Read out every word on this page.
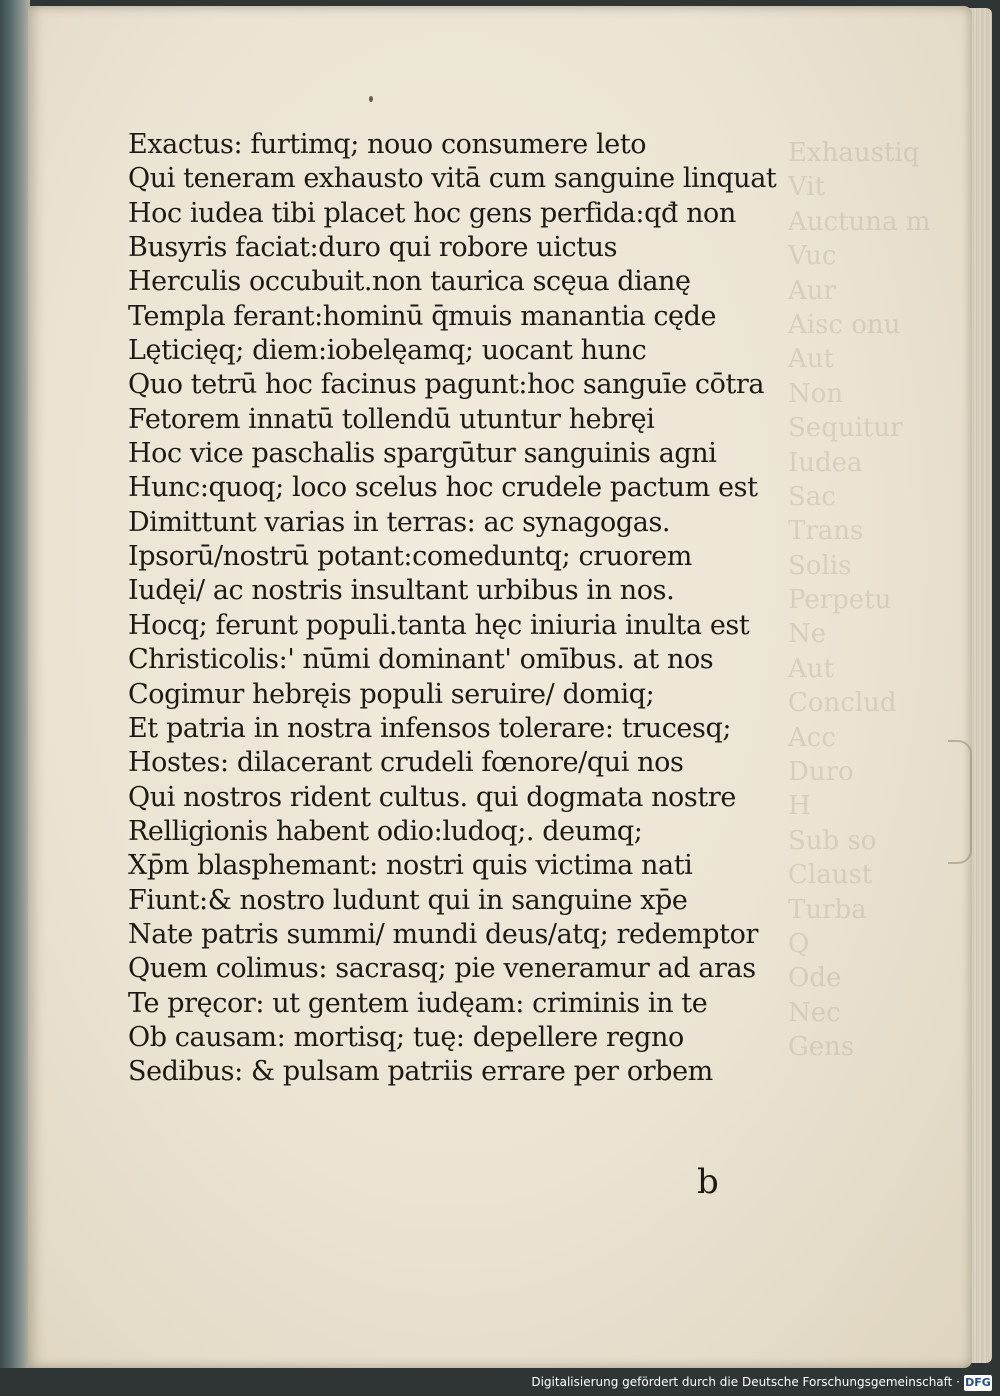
Exhaustiq
Vit
Auctuna m
Vuc
Aur
Aisc onu
Aut
Non
Sequitur
Iudea
Sac
Trans
Solis
Perpetu
Ne
Aut
Conclud
Acc
Duro
H
Sub so
Claust
Turba
Q
Ode
Nec
Gens
Exactus: furtimq; nouo consumere leto
Qui teneram exhausto vitā cum sanguine linquat
Hoc iudea tibi placet hoc gens perfida:qđ non
Busyris faciat:duro qui robore uictus
Herculis occubuit.non taurica scęua dianę
Templa ferant:hominū q̄muis manantia cęde
Lęticięq; diem:iobelęamq; uocant hunc
Quo tetrū hoc facinus pagunt:hoc sanguīe cōtra
Fetorem innatū tollendū utuntur hebręi
Hoc vice paschalis spargūtur sanguinis agni
Hunc:quoq; loco scelus hoc crudele pactum est
Dimittunt varias in terras: ac synagogas.
Ipsorū/nostrū potant:comeduntq; cruorem
Iudęi/ ac nostris insultant urbibus in nos.
Hocq; ferunt populi.tanta hęc iniuria inulta est
Christicolis:' nūmi dominant' omībus. at nos
Cogimur hebręis populi seruire/ domiq;
Et patria in nostra infensos tolerare: trucesq;
Hostes: dilacerant crudeli fœnore/qui nos
Qui nostros rident cultus. qui dogmata nostre
Relligionis habent odio:ludoq;. deumq;
Xp̄m blasphemant: nostri quis victima nati
Fiunt:& nostro ludunt qui in sanguine xp̄e
Nate patris summi/ mundi deus/atq; redemptor
Quem colimus: sacrasq; pie veneramur ad aras
Te pręcor: ut gentem iudęam: criminis in te
Ob causam: mortisq; tuę: depellere regno
Sedibus: & pulsam patriis errare per orbem
b
Digitalisierung gefördert durch die Deutsche Forschungsgemeinschaft · DFG
